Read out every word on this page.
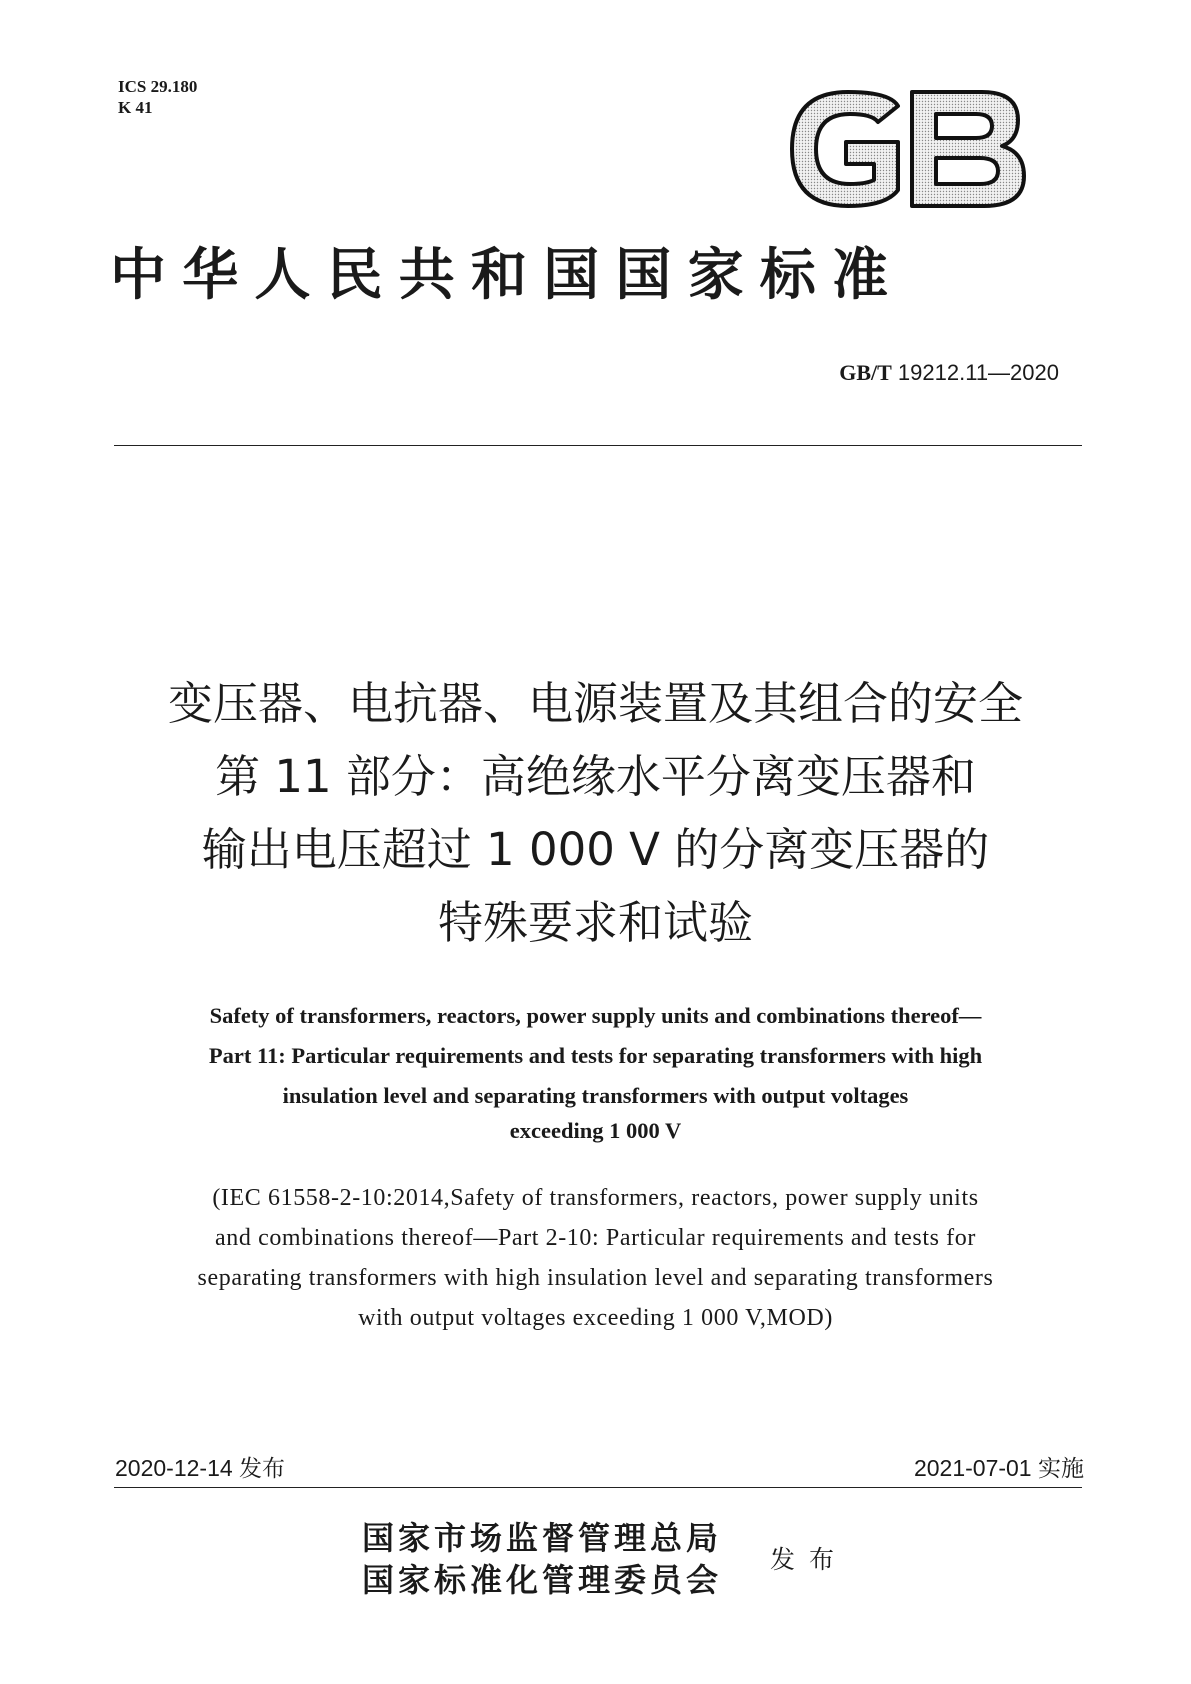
ICS 29.180
K 41
中华人民共和国国家标准
GB/T 19212.11—2020
变压器、电抗器、电源装置及其组合的安全
第 11 部分：高绝缘水平分离变压器和
输出电压超过 1 000 V 的分离变压器的
特殊要求和试验
Safety of transformers, reactors, power supply units and combinations thereof—
Part 11: Particular requirements and tests for separating transformers with high
insulation level and separating transformers with output voltages
exceeding 1 000 V
(IEC 61558-2-10:2014,Safety of transformers, reactors, power supply units
and combinations thereof—Part 2-10: Particular requirements and tests for
separating transformers with high insulation level and separating transformers
with output voltages exceeding 1 000 V,MOD)
2020-12-14 发布	2021-07-01 实施
国家市场监督管理总局
国家标准化管理委员会
发布
